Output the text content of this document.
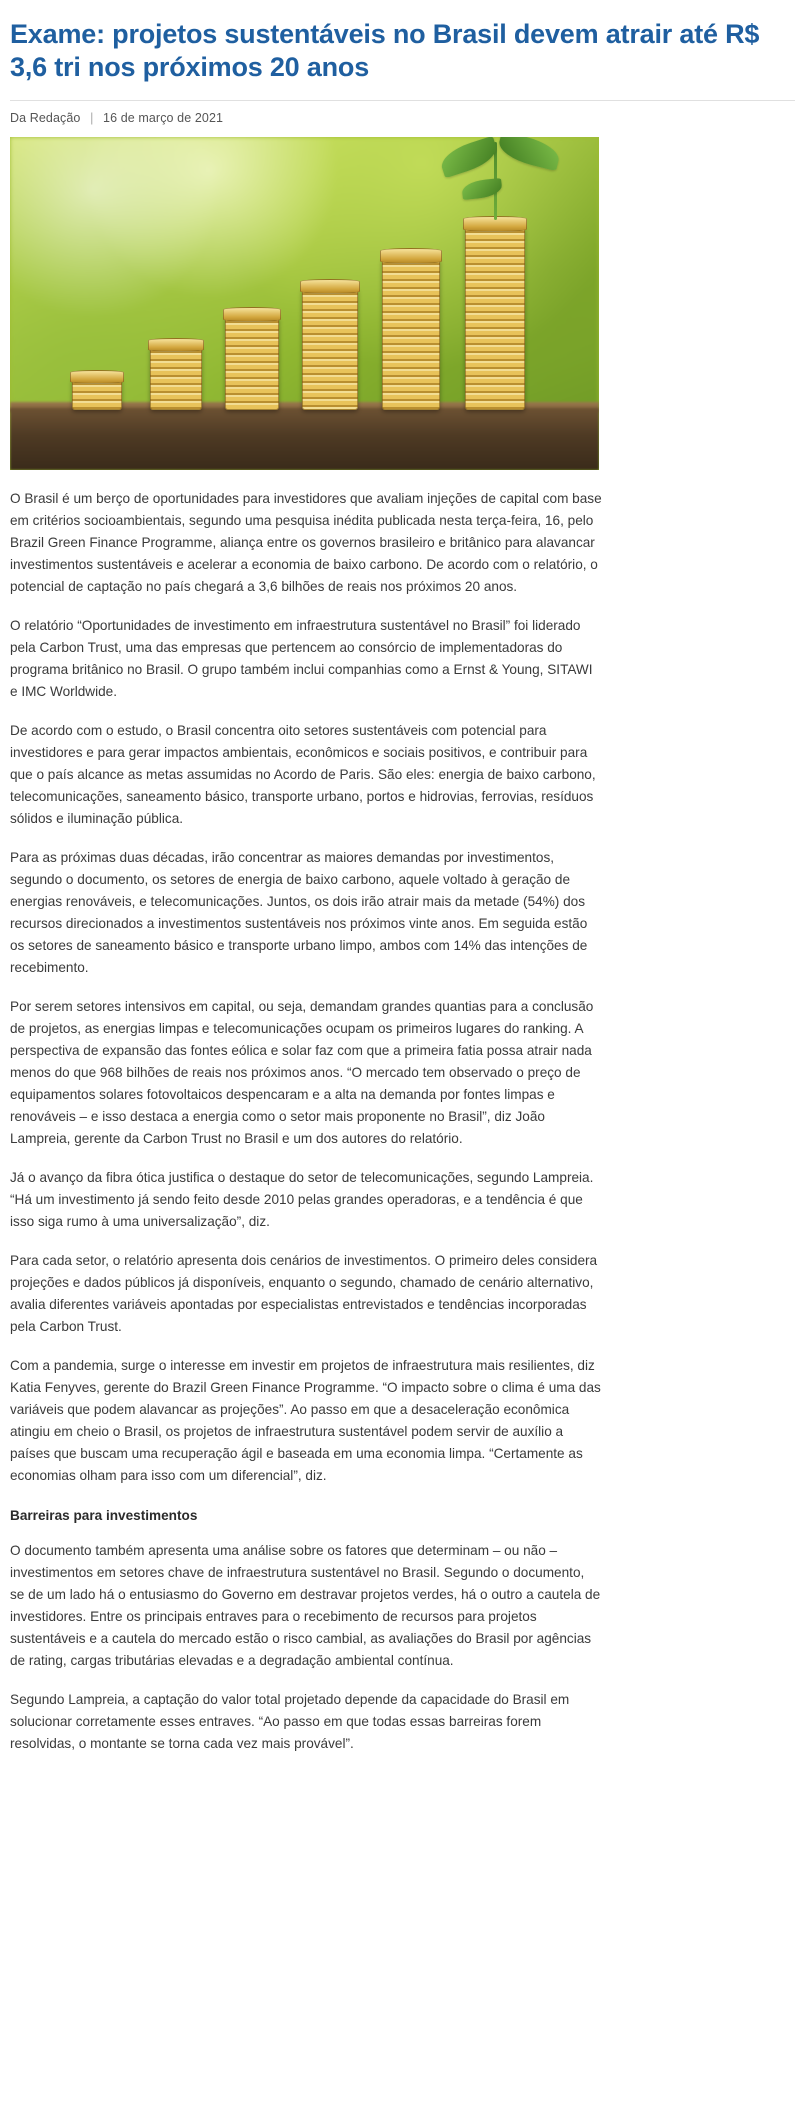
Exame: projetos sustentáveis no Brasil devem atrair até R$ 3,6 tri nos próximos 20 anos
Da Redação | 16 de março de 2021

O Brasil é um berço de oportunidades para investidores que avaliam injeções de capital com base em critérios socioambientais, segundo uma pesquisa inédita publicada nesta terça-feira, 16, pelo Brazil Green Finance Programme, aliança entre os governos brasileiro e britânico para alavancar investimentos sustentáveis e acelerar a economia de baixo carbono. De acordo com o relatório, o potencial de captação no país chegará a 3,6 bilhões de reais nos próximos 20 anos.

O relatório “Oportunidades de investimento em infraestrutura sustentável no Brasil” foi liderado pela Carbon Trust, uma das empresas que pertencem ao consórcio de implementadoras do programa britânico no Brasil. O grupo também inclui companhias como a Ernst & Young, SITAWI e IMC Worldwide.

De acordo com o estudo, o Brasil concentra oito setores sustentáveis com potencial para investidores e para gerar impactos ambientais, econômicos e sociais positivos, e contribuir para que o país alcance as metas assumidas no Acordo de Paris. São eles: energia de baixo carbono, telecomunicações, saneamento básico, transporte urbano, portos e hidrovias, ferrovias, resíduos sólidos e iluminação pública.

Para as próximas duas décadas, irão concentrar as maiores demandas por investimentos, segundo o documento, os setores de energia de baixo carbono, aquele voltado à geração de energias renováveis, e telecomunicações. Juntos, os dois irão atrair mais da metade (54%) dos recursos direcionados a investimentos sustentáveis nos próximos vinte anos. Em seguida estão os setores de saneamento básico e transporte urbano limpo, ambos com 14% das intenções de recebimento.

Por serem setores intensivos em capital, ou seja, demandam grandes quantias para a conclusão de projetos, as energias limpas e telecomunicações ocupam os primeiros lugares do ranking. A perspectiva de expansão das fontes eólica e solar faz com que a primeira fatia possa atrair nada menos do que 968 bilhões de reais nos próximos anos. “O mercado tem observado o preço de equipamentos solares fotovoltaicos despencaram e a alta na demanda por fontes limpas e renováveis – e isso destaca a energia como o setor mais proponente no Brasil”, diz João Lampreia, gerente da Carbon Trust no Brasil e um dos autores do relatório.

Já o avanço da fibra ótica justifica o destaque do setor de telecomunicações, segundo Lampreia. “Há um investimento já sendo feito desde 2010 pelas grandes operadoras, e a tendência é que isso siga rumo à uma universalização”, diz.

Para cada setor, o relatório apresenta dois cenários de investimentos. O primeiro deles considera projeções e dados públicos já disponíveis, enquanto o segundo, chamado de cenário alternativo, avalia diferentes variáveis apontadas por especialistas entrevistados e tendências incorporadas pela Carbon Trust.

Com a pandemia, surge o interesse em investir em projetos de infraestrutura mais resilientes, diz Katia Fenyves, gerente do Brazil Green Finance Programme. “O impacto sobre o clima é uma das variáveis que podem alavancar as projeções”. Ao passo em que a desaceleração econômica atingiu em cheio o Brasil, os projetos de infraestrutura sustentável podem servir de auxílio a países que buscam uma recuperação ágil e baseada em uma economia limpa. “Certamente as economias olham para isso com um diferencial”, diz.

Barreiras para investimentos

O documento também apresenta uma análise sobre os fatores que determinam – ou não – investimentos em setores chave de infraestrutura sustentável no Brasil. Segundo o documento, se de um lado há o entusiasmo do Governo em destravar projetos verdes, há o outro a cautela de investidores. Entre os principais entraves para o recebimento de recursos para projetos sustentáveis e a cautela do mercado estão o risco cambial, as avaliações do Brasil por agências de rating, cargas tributárias elevadas e a degradação ambiental contínua.

Segundo Lampreia, a captação do valor total projetado depende da capacidade do Brasil em solucionar corretamente esses entraves. “Ao passo em que todas essas barreiras forem resolvidas, o montante se torna cada vez mais provável”.
